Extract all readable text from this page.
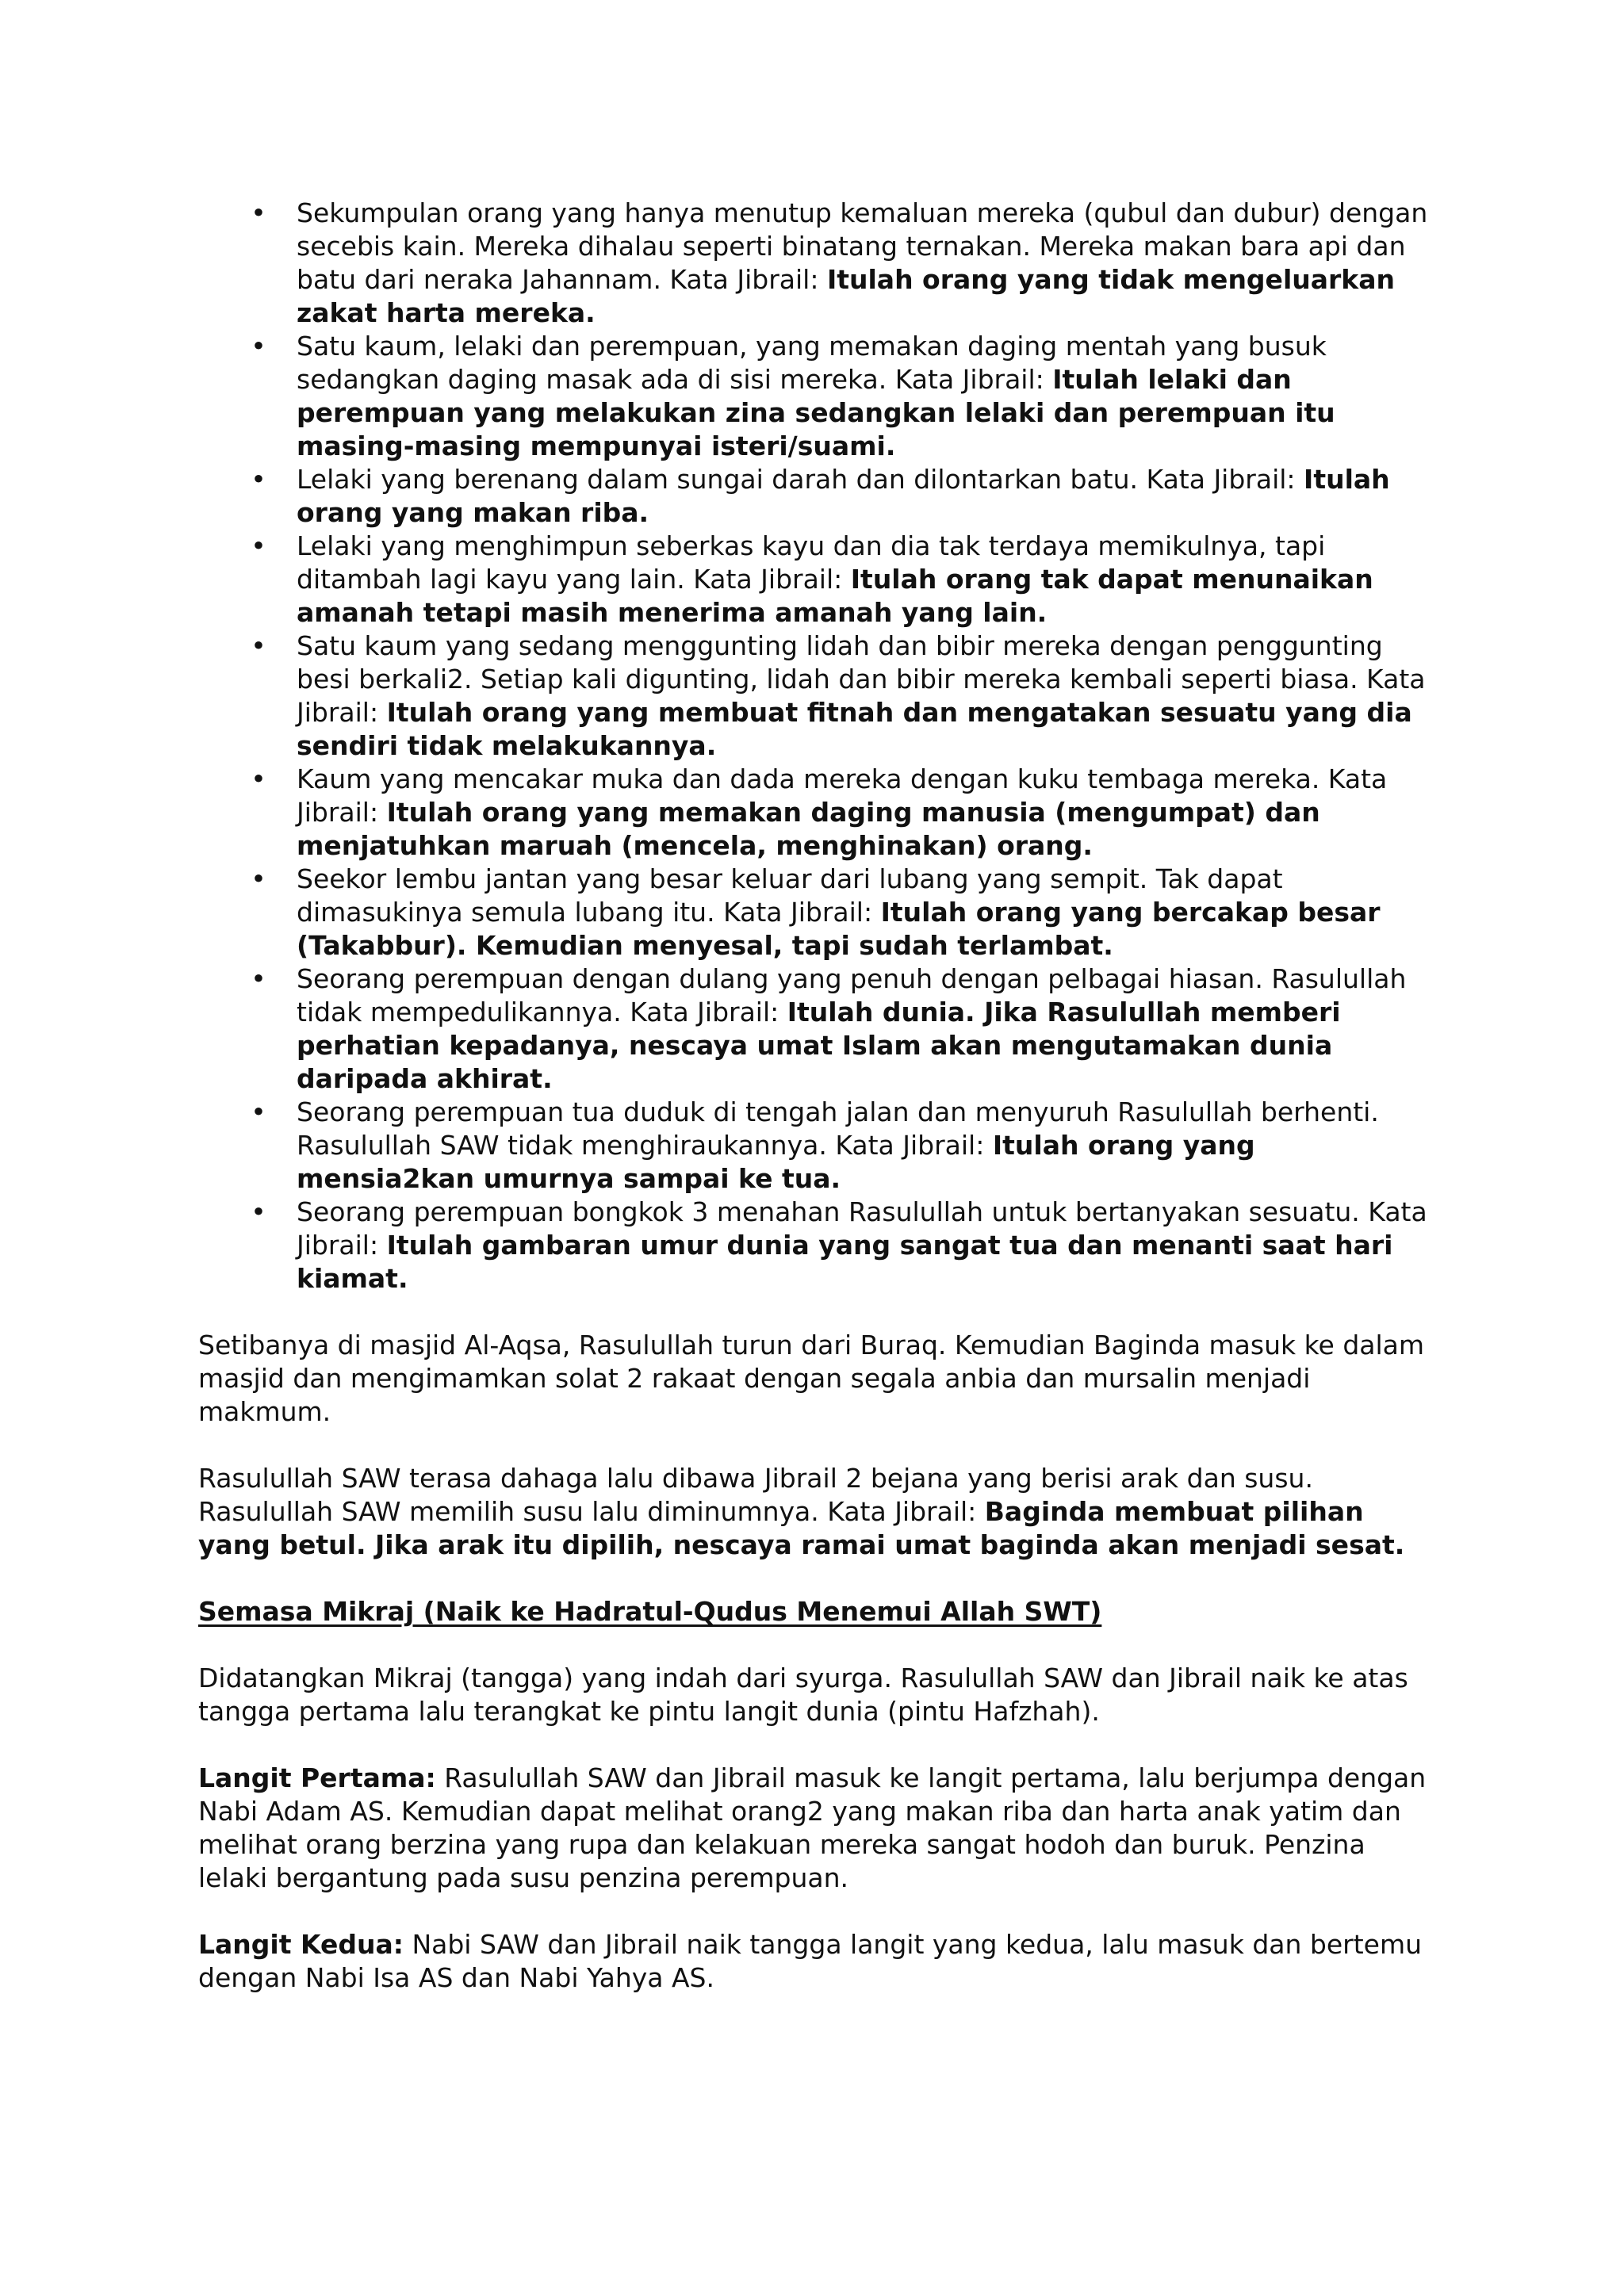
• Sekumpulan orang yang hanya menutup kemaluan mereka (qubul dan dubur) dengan secebis kain. Mereka dihalau seperti binatang ternakan. Mereka makan bara api dan batu dari neraka Jahannam. Kata Jibrail: Itulah orang yang tidak mengeluarkan zakat harta mereka.
• Satu kaum, lelaki dan perempuan, yang memakan daging mentah yang busuk sedangkan daging masak ada di sisi mereka. Kata Jibrail: Itulah lelaki dan perempuan yang melakukan zina sedangkan lelaki dan perempuan itu masing-masing mempunyai isteri/suami.
• Lelaki yang berenang dalam sungai darah dan dilontarkan batu. Kata Jibrail: Itulah orang yang makan riba.
• Lelaki yang menghimpun seberkas kayu dan dia tak terdaya memikulnya, tapi ditambah lagi kayu yang lain. Kata Jibrail: Itulah orang tak dapat menunaikan amanah tetapi masih menerima amanah yang lain.
• Satu kaum yang sedang menggunting lidah dan bibir mereka dengan penggunting besi berkali2. Setiap kali digunting, lidah dan bibir mereka kembali seperti biasa. Kata Jibrail: Itulah orang yang membuat fitnah dan mengatakan sesuatu yang dia sendiri tidak melakukannya.
• Kaum yang mencakar muka dan dada mereka dengan kuku tembaga mereka. Kata Jibrail: Itulah orang yang memakan daging manusia (mengumpat) dan menjatuhkan maruah (mencela, menghinakan) orang.
• Seekor lembu jantan yang besar keluar dari lubang yang sempit. Tak dapat dimasukinya semula lubang itu. Kata Jibrail: Itulah orang yang bercakap besar (Takabbur). Kemudian menyesal, tapi sudah terlambat.
• Seorang perempuan dengan dulang yang penuh dengan pelbagai hiasan. Rasulullah tidak mempedulikannya. Kata Jibrail: Itulah dunia. Jika Rasulullah memberi perhatian kepadanya, nescaya umat Islam akan mengutamakan dunia daripada akhirat.
• Seorang perempuan tua duduk di tengah jalan dan menyuruh Rasulullah berhenti. Rasulullah SAW tidak menghiraukannya. Kata Jibrail: Itulah orang yang mensia2kan umurnya sampai ke tua.
• Seorang perempuan bongkok 3 menahan Rasulullah untuk bertanyakan sesuatu. Kata Jibrail: Itulah gambaran umur dunia yang sangat tua dan menanti saat hari kiamat.

Setibanya di masjid Al-Aqsa, Rasulullah turun dari Buraq. Kemudian Baginda masuk ke dalam masjid dan mengimamkan solat 2 rakaat dengan segala anbia dan mursalin menjadi makmum.

Rasulullah SAW terasa dahaga lalu dibawa Jibrail 2 bejana yang berisi arak dan susu. Rasulullah SAW memilih susu lalu diminumnya. Kata Jibrail: Baginda membuat pilihan yang betul. Jika arak itu dipilih, nescaya ramai umat baginda akan menjadi sesat.

Semasa Mikraj (Naik ke Hadratul-Qudus Menemui Allah SWT)

Didatangkan Mikraj (tangga) yang indah dari syurga. Rasulullah SAW dan Jibrail naik ke atas tangga pertama lalu terangkat ke pintu langit dunia (pintu Hafzhah).

Langit Pertama: Rasulullah SAW dan Jibrail masuk ke langit pertama, lalu berjumpa dengan Nabi Adam AS. Kemudian dapat melihat orang2 yang makan riba dan harta anak yatim dan melihat orang berzina yang rupa dan kelakuan mereka sangat hodoh dan buruk. Penzina lelaki bergantung pada susu penzina perempuan.

Langit Kedua: Nabi SAW dan Jibrail naik tangga langit yang kedua, lalu masuk dan bertemu dengan Nabi Isa AS dan Nabi Yahya AS.
